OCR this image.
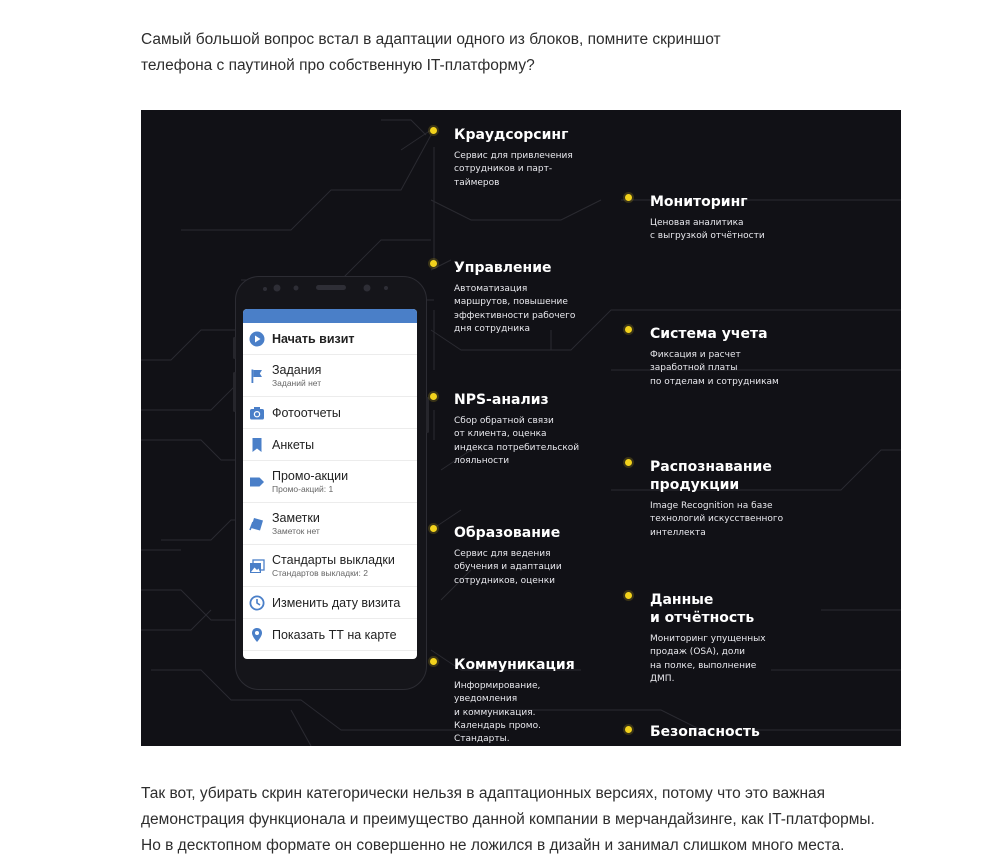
Самый большой вопрос встал в адаптации одного из блоков, помните скриншот
телефона с паутиной про собственную IT-платформу?

Начать визит
Задания
Заданий нет
Фотоотчеты
Анкеты
Промо-акции
Промо-акций: 1
Заметки
Заметок нет
Стандарты выкладки
Стандартов выкладки: 2
Изменить дату визита
Показать ТТ на карте
Краудсорсинг
Сервис для привлечения
сотрудников и парт-
таймеров
Управление
Автоматизация
маршрутов, повышение
эффективности рабочего
дня сотрудника
NPS-анализ
Сбор обратной связи
от клиента, оценка
индекса потребительской
лояльности
Образование
Сервис для ведения
обучения и адаптации
сотрудников, оценки
Коммуникация
Информирование,
уведомления
и коммуникация.
Календарь промо.
Стандарты.
Мониторинг
Ценовая аналитика
с выгрузкой отчётности
Система учета
Фиксация и расчет
заработной платы
по отделам и сотрудникам
Распознавание
продукции
Image Recognition на базе
технологий искусственного
интеллекта
Данные
и отчётность
Мониторинг упущенных
продаж (OSA), доли
на полке, выполнение
ДМП.
Безопасность

Так вот, убирать скрин категорически нельзя в адаптационных версиях, потому что это важная
демонстрация функционала и преимущество данной компании в мерчандайзинге, как IT-платформы.
Но в десктопном формате он совершенно не ложился в дизайн и занимал слишком много места.
